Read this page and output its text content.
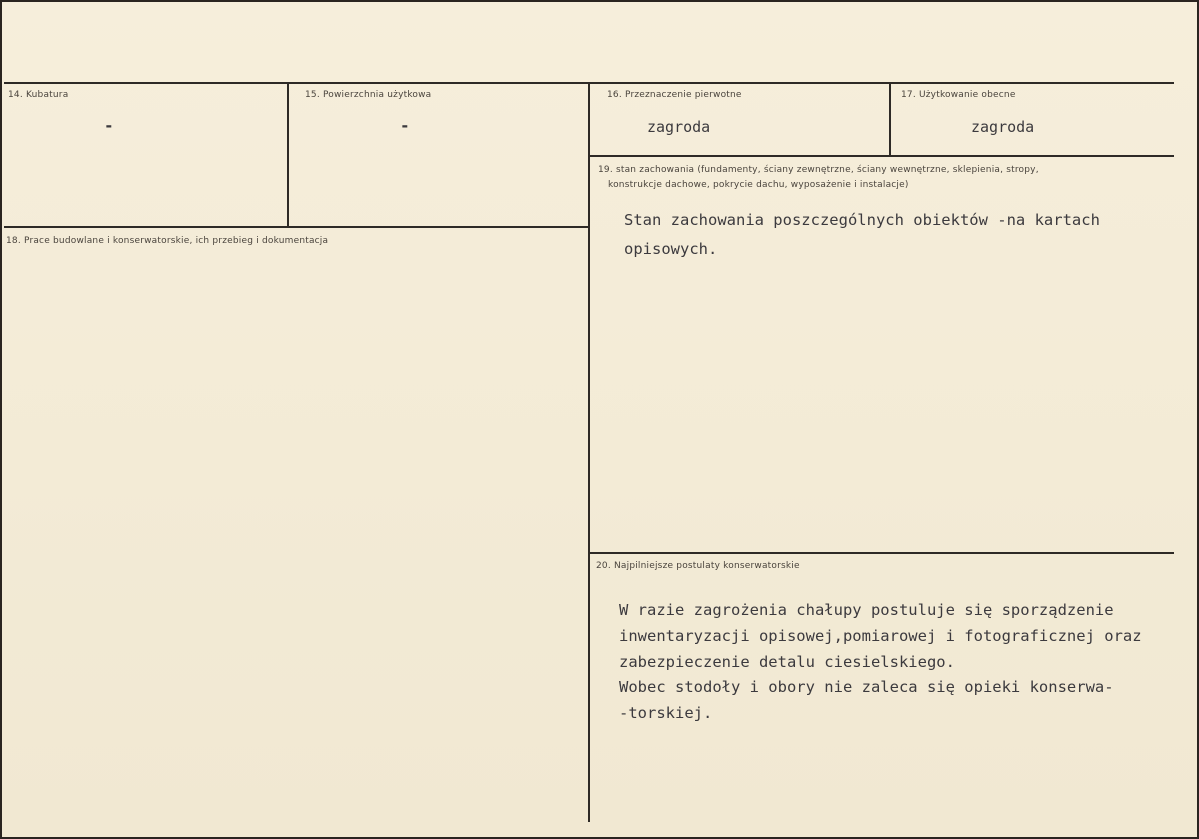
14. Kubatura
-
15. Powierzchnia użytkowa
-
16. Przeznaczenie pierwotne
zagroda
17. Użytkowanie obecne
zagroda
18. Prace budowlane i konserwatorskie, ich przebieg i dokumentacja
19. stan zachowania (fundamenty, ściany zewnętrzne, ściany wewnętrzne, sklepienia, stropy,
konstrukcje dachowe, pokrycie dachu, wyposażenie i instalacje)
Stan zachowania poszczególnych obiektów -na kartach
opisowych.
20. Najpilniejsze postulaty konserwatorskie
W razie zagrożenia chałupy postuluje się sporządzenie
inwentaryzacji opisowej,pomiarowej i fotograficznej oraz
zabezpieczenie detalu ciesielskiego.
Wobec stodoły i obory nie zaleca się opieki konserwa-
-torskiej.
